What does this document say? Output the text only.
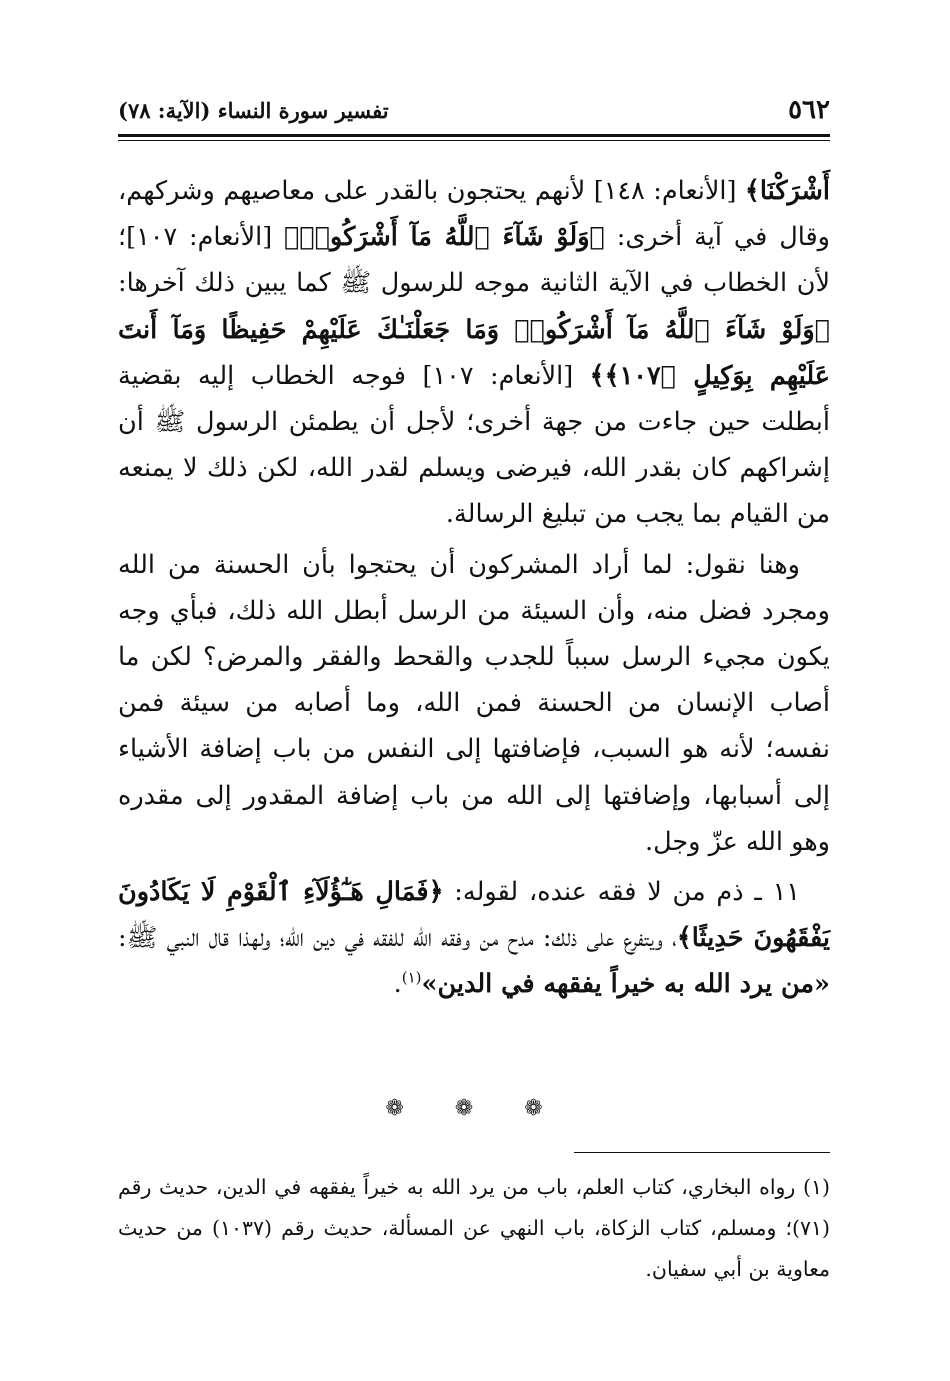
٥٦٢
تفسير سورة النساء (الآية: ٧٨)

أَشْرَكْنَا﴾ [الأنعام: ١٤٨] لأنهم يحتجون بالقدر على معاصيهم وشركهم، وقال في آية أخرى: ﴿وَلَوْ شَآءَ ٱللَّهُ مَآ أَشْرَكُوا۟﴾ [الأنعام: ١٠٧]؛ لأن الخطاب في الآية الثانية موجه للرسول ﷺ كما يبين ذلك آخرها: ﴿وَلَوْ شَآءَ ٱللَّهُ مَآ أَشْرَكُوا۟ وَمَا جَعَلْنَـٰكَ عَلَيْهِمْ حَفِيظًا وَمَآ أَنتَ عَلَيْهِم بِوَكِيلٍ ﴿١٠٧﴾﴾ [الأنعام: ١٠٧] فوجه الخطاب إليه بقضية أبطلت حين جاءت من جهة أخرى؛ لأجل أن يطمئن الرسول ﷺ أن إشراكهم كان بقدر الله، فيرضى ويسلم لقدر الله، لكن ذلك لا يمنعه من القيام بما يجب من تبليغ الرسالة.

وهنا نقول: لما أراد المشركون أن يحتجوا بأن الحسنة من الله ومجرد فضل منه، وأن السيئة من الرسل أبطل الله ذلك، فبأي وجه يكون مجيء الرسل سبباً للجدب والقحط والفقر والمرض؟ لكن ما أصاب الإنسان من الحسنة فمن الله، وما أصابه من سيئة فمن نفسه؛ لأنه هو السبب، فإضافتها إلى النفس من باب إضافة الأشياء إلى أسبابها، وإضافتها إلى الله من باب إضافة المقدور إلى مقدره وهو الله عزّ وجل.

١١ ـ ذم من لا فقه عنده، لقوله: ﴿فَمَالِ هَـٰٓؤُلَآءِ ٱلْقَوْمِ لَا يَكَادُونَ يَفْقَهُونَ حَدِيثًا﴾، ويتفرع على ذلك: مدح من وفقه الله للفقه في دين الله؛ ولهذا قال النبي ﷺ: «من يرد الله به خيراً يفقهه في الدين»$^{(١)}$.

❁ ❁ ❁

(١) رواه البخاري، كتاب العلم، باب من يرد الله به خيراً يفقهه في الدين، حديث رقم (٧١)؛ ومسلم، كتاب الزكاة، باب النهي عن المسألة، حديث رقم (١٠٣٧) من حديث معاوية بن أبي سفيان.
